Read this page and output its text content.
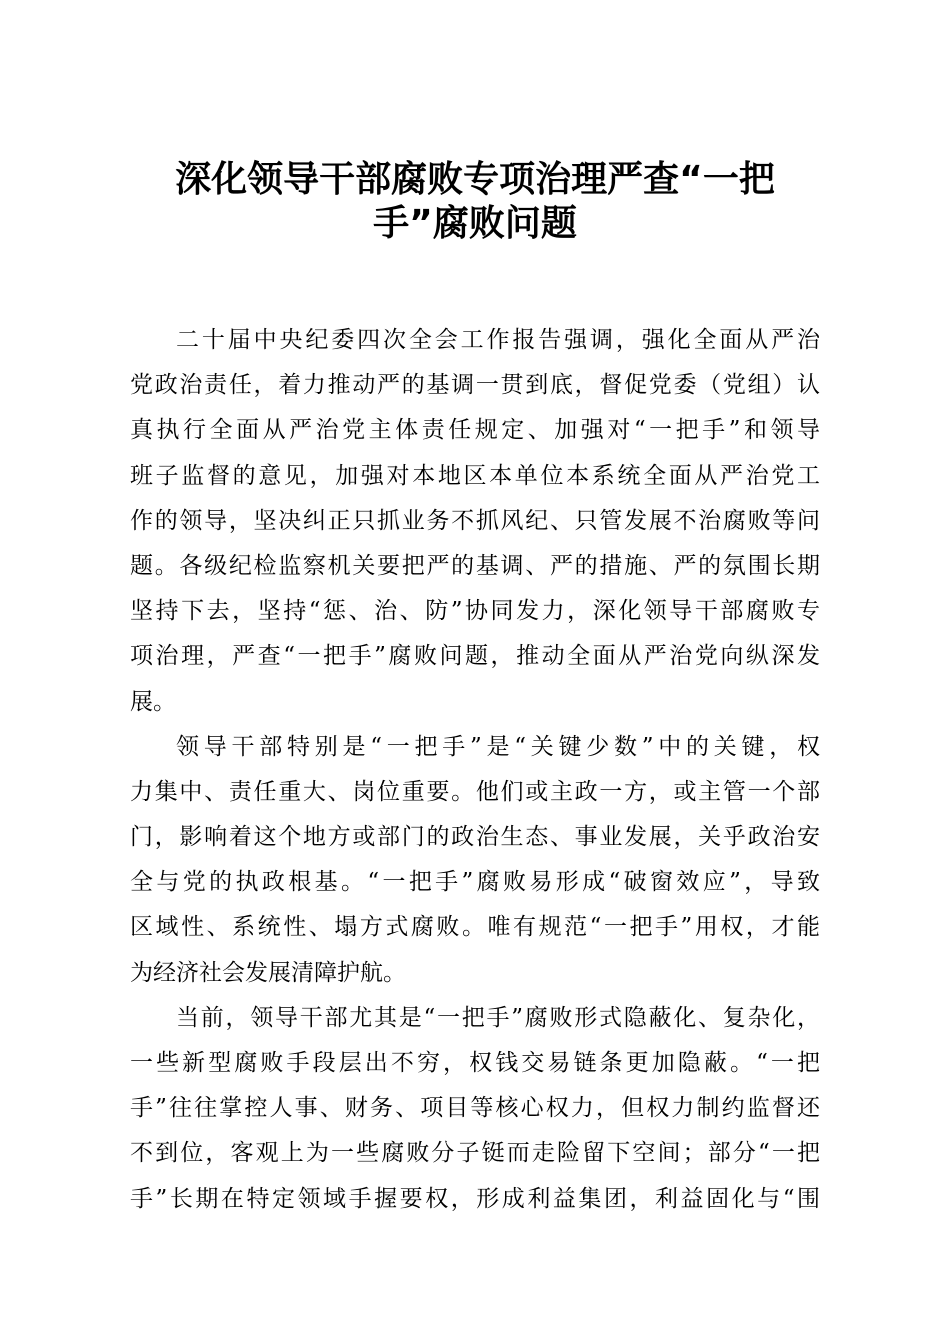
深化领导干部腐败专项治理严查“一把
手”腐败问题
二十届中央纪委四次全会工作报告强调，强化全面从严治
党政治责任，着力推动严的基调一贯到底，督促党委（党组）认
真执行全面从严治党主体责任规定、加强对“一把手”和领导
班子监督的意见，加强对本地区本单位本系统全面从严治党工
作的领导，坚决纠正只抓业务不抓风纪、只管发展不治腐败等问
题。各级纪检监察机关要把严的基调、严的措施、严的氛围长期
坚持下去，坚持“惩、治、防”协同发力，深化领导干部腐败专
项治理，严查“一把手”腐败问题，推动全面从严治党向纵深发
展。
领导干部特别是“一把手”是“关键少数”中的关键，权
力集中、责任重大、岗位重要。他们或主政一方，或主管一个部
门，影响着这个地方或部门的政治生态、事业发展，关乎政治安
全与党的执政根基。“一把手”腐败易形成“破窗效应”，导致
区域性、系统性、塌方式腐败。唯有规范“一把手”用权，才能
为经济社会发展清障护航。
当前，领导干部尤其是“一把手”腐败形式隐蔽化、复杂化，
一些新型腐败手段层出不穷，权钱交易链条更加隐蔽。“一把
手”往往掌控人事、财务、项目等核心权力，但权力制约监督还
不到位，客观上为一些腐败分子铤而走险留下空间；部分“一把
手”长期在特定领域手握要权，形成利益集团，利益固化与“围
